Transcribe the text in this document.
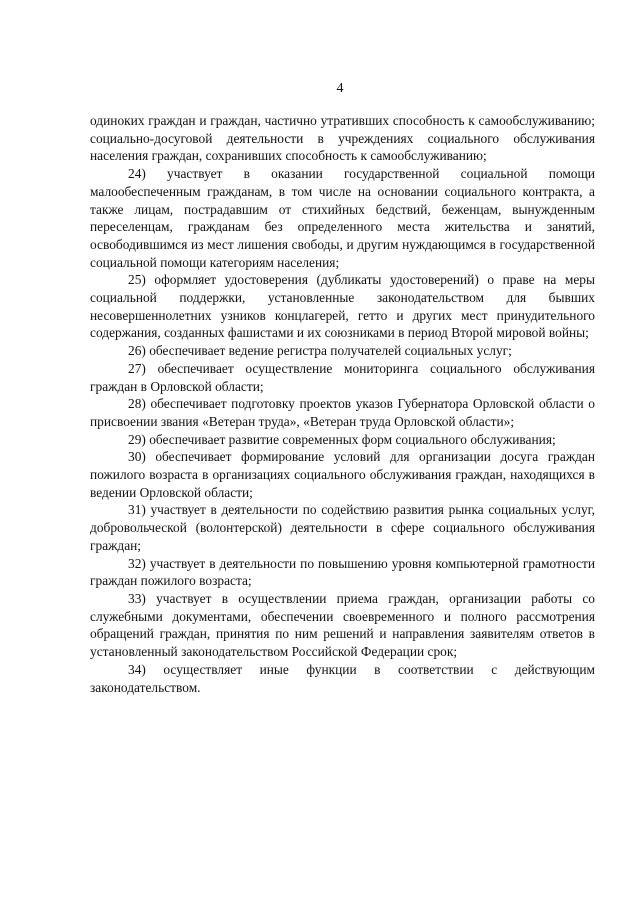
4

одиноких граждан и граждан, частично утративших способность к самообслуживанию; социально-досуговой деятельности в учреждениях социального обслуживания населения граждан, сохранивших способность к самообслуживанию;

24) участвует в оказании государственной социальной помощи малообеспеченным гражданам, в том числе на основании социального контракта, а также лицам, пострадавшим от стихийных бедствий, беженцам, вынужденным переселенцам, гражданам без определенного места жительства и занятий, освободившимся из мест лишения свободы, и другим нуждающимся в государственной социальной помощи категориям населения;

25) оформляет удостоверения (дубликаты удостоверений) о праве на меры социальной поддержки, установленные законодательством для бывших несовершеннолетних узников концлагерей, гетто и других мест принудительного содержания, созданных фашистами и их союзниками в период Второй мировой войны;

26) обеспечивает ведение регистра получателей социальных услуг;

27) обеспечивает осуществление мониторинга социального обслуживания граждан в Орловской области;

28) обеспечивает подготовку проектов указов Губернатора Орловской области о присвоении звания «Ветеран труда», «Ветеран труда Орловской области»;

29) обеспечивает развитие современных форм социального обслуживания;

30) обеспечивает формирование условий для организации досуга граждан пожилого возраста в организациях социального обслуживания граждан, находящихся в ведении Орловской области;

31) участвует в деятельности по содействию развития рынка социальных услуг, добровольческой (волонтерской) деятельности в сфере социального обслуживания граждан;

32) участвует в деятельности по повышению уровня компьютерной грамотности граждан пожилого возраста;

33) участвует в осуществлении приема граждан, организации работы со служебными документами, обеспечении своевременного и полного рассмотрения обращений граждан, принятия по ним решений и направления заявителям ответов в установленный законодательством Российской Федерации срок;

34) осуществляет иные функции в соответствии с действующим законодательством.
